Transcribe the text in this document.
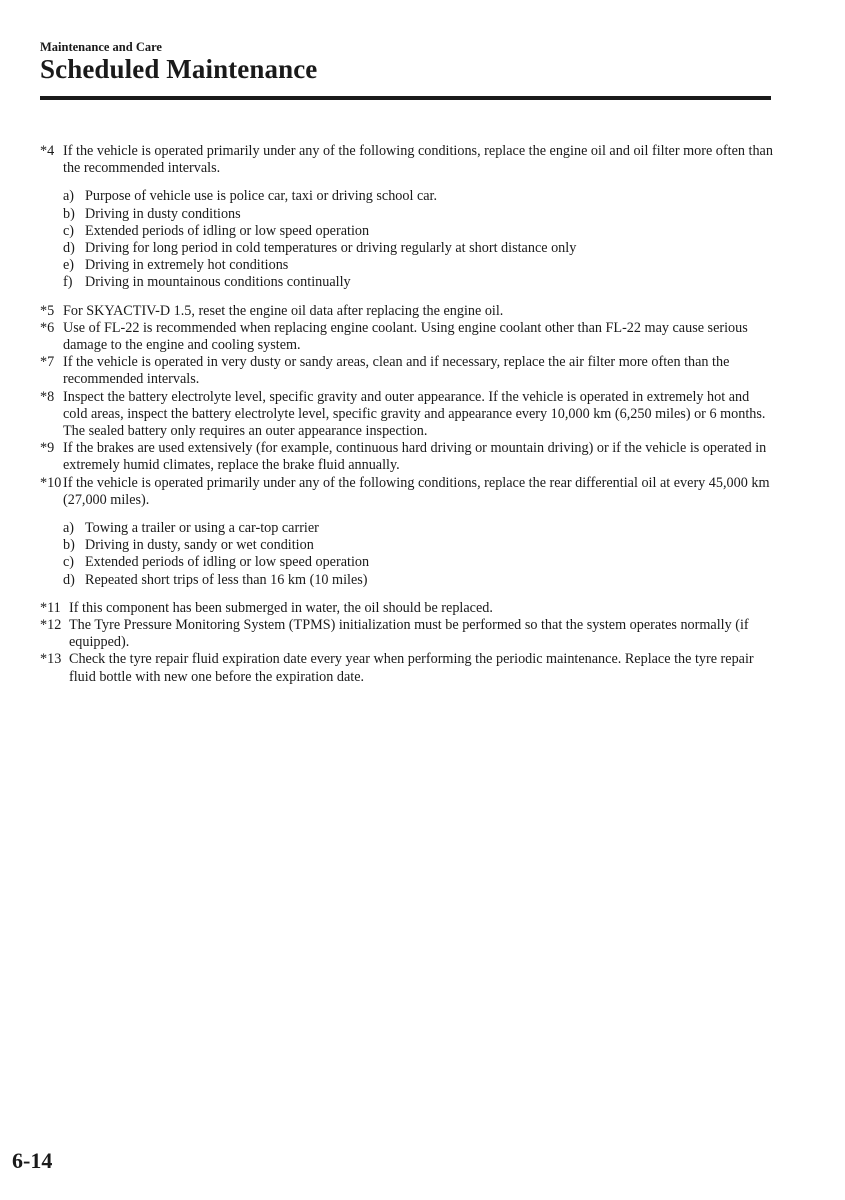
Maintenance and Care
Scheduled Maintenance
*4 If the vehicle is operated primarily under any of the following conditions, replace the engine oil and oil filter more often than the recommended intervals.
a) Purpose of vehicle use is police car, taxi or driving school car.
b) Driving in dusty conditions
c) Extended periods of idling or low speed operation
d) Driving for long period in cold temperatures or driving regularly at short distance only
e) Driving in extremely hot conditions
f) Driving in mountainous conditions continually
*5 For SKYACTIV-D 1.5, reset the engine oil data after replacing the engine oil.
*6 Use of FL-22 is recommended when replacing engine coolant. Using engine coolant other than FL-22 may cause serious damage to the engine and cooling system.
*7 If the vehicle is operated in very dusty or sandy areas, clean and if necessary, replace the air filter more often than the recommended intervals.
*8 Inspect the battery electrolyte level, specific gravity and outer appearance. If the vehicle is operated in extremely hot and cold areas, inspect the battery electrolyte level, specific gravity and appearance every 10,000 km (6,250 miles) or 6 months. The sealed battery only requires an outer appearance inspection.
*9 If the brakes are used extensively (for example, continuous hard driving or mountain driving) or if the vehicle is operated in extremely humid climates, replace the brake fluid annually.
*10 If the vehicle is operated primarily under any of the following conditions, replace the rear differential oil at every 45,000 km (27,000 miles).
a) Towing a trailer or using a car-top carrier
b) Driving in dusty, sandy or wet condition
c) Extended periods of idling or low speed operation
d) Repeated short trips of less than 16 km (10 miles)
*11 If this component has been submerged in water, the oil should be replaced.
*12 The Tyre Pressure Monitoring System (TPMS) initialization must be performed so that the system operates normally (if equipped).
*13 Check the tyre repair fluid expiration date every year when performing the periodic maintenance. Replace the tyre repair fluid bottle with new one before the expiration date.
6-14
